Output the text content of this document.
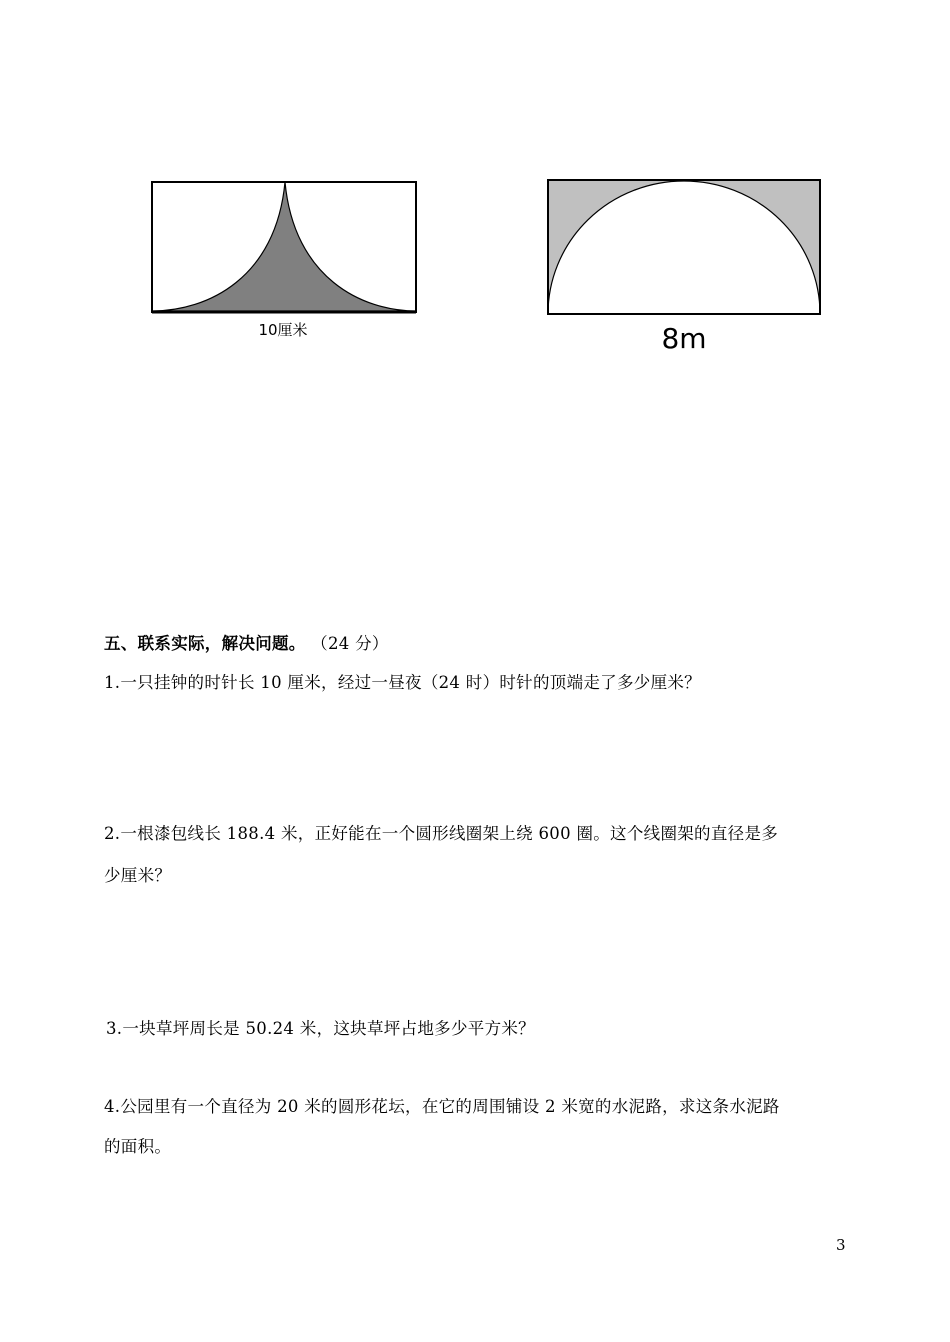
10厘米	8m
五、联系实际，解决问题。 （24 分）
1.一只挂钟的时针长 10 厘米，经过一昼夜（24 时）时针的顶端走了多少厘米？
2.一根漆包线长 188.4 米，正好能在一个圆形线圈架上绕 600 圈。这个线圈架的直径是多
少厘米？
3.一块草坪周长是 50.24 米，这块草坪占地多少平方米？
4.公园里有一个直径为 20 米的圆形花坛，在它的周围铺设 2 米宽的水泥路，求这条水泥路
的面积。
3
